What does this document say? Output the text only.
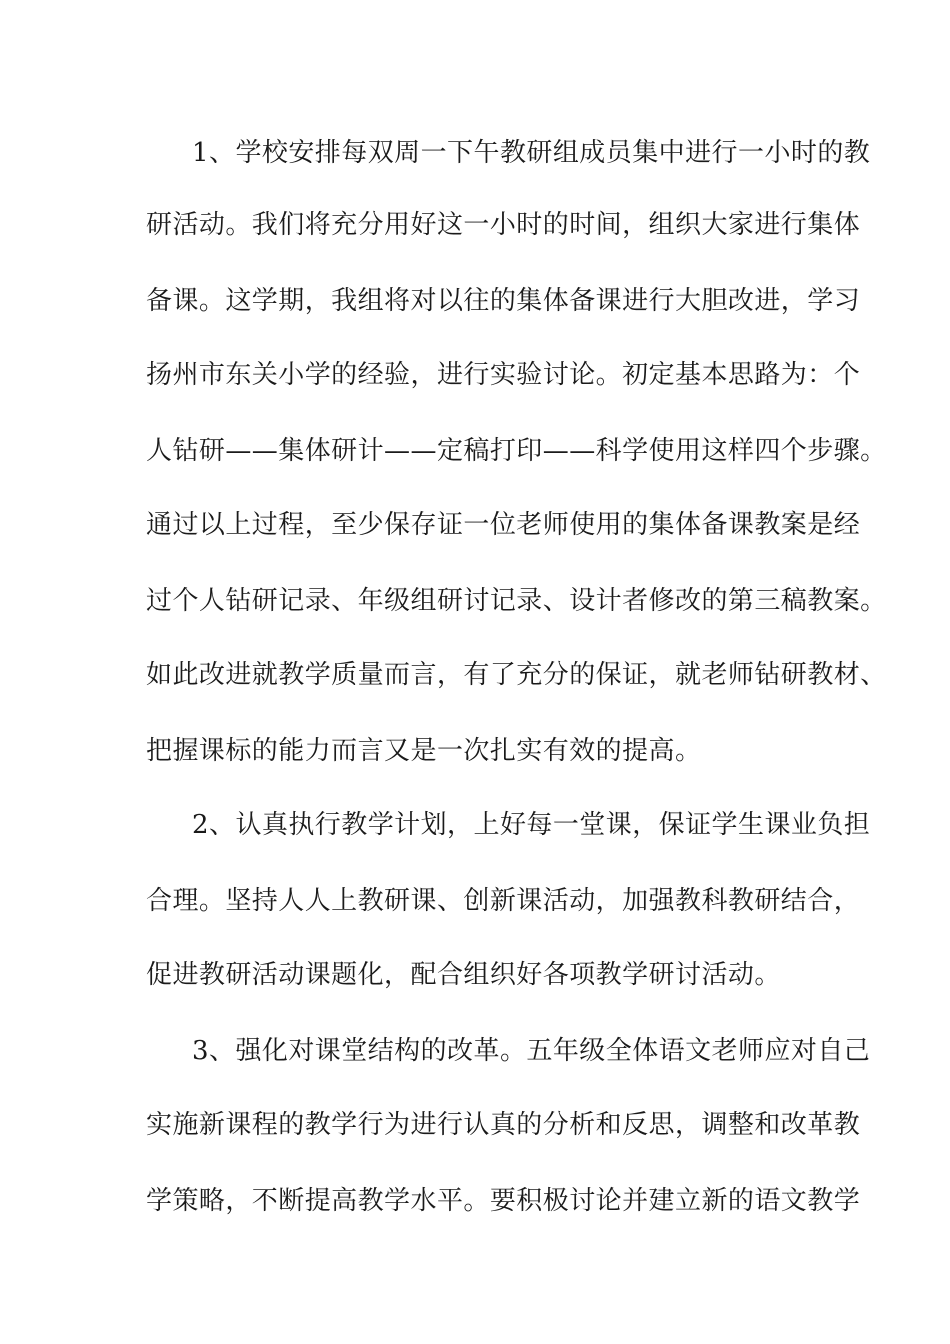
1、学校安排每双周一下午教研组成员集中进行一小时的教
研活动。我们将充分用好这一小时的时间，组织大家进行集体
备课。这学期，我组将对以往的集体备课进行大胆改进，学习
扬州市东关小学的经验，进行实验讨论。初定基本思路为：个
人钻研——集体研计——定稿打印——科学使用这样四个步骤。
通过以上过程，至少保存证一位老师使用的集体备课教案是经
过个人钻研记录、年级组研讨记录、设计者修改的第三稿教案。
如此改进就教学质量而言，有了充分的保证，就老师钻研教材、
把握课标的能力而言又是一次扎实有效的提高。
2、认真执行教学计划，上好每一堂课，保证学生课业负担
合理。坚持人人上教研课、创新课活动，加强教科教研结合，
促进教研活动课题化，配合组织好各项教学研讨活动。
3、强化对课堂结构的改革。五年级全体语文老师应对自己
实施新课程的教学行为进行认真的分析和反思，调整和改革教
学策略，不断提高教学水平。要积极讨论并建立新的语文教学
